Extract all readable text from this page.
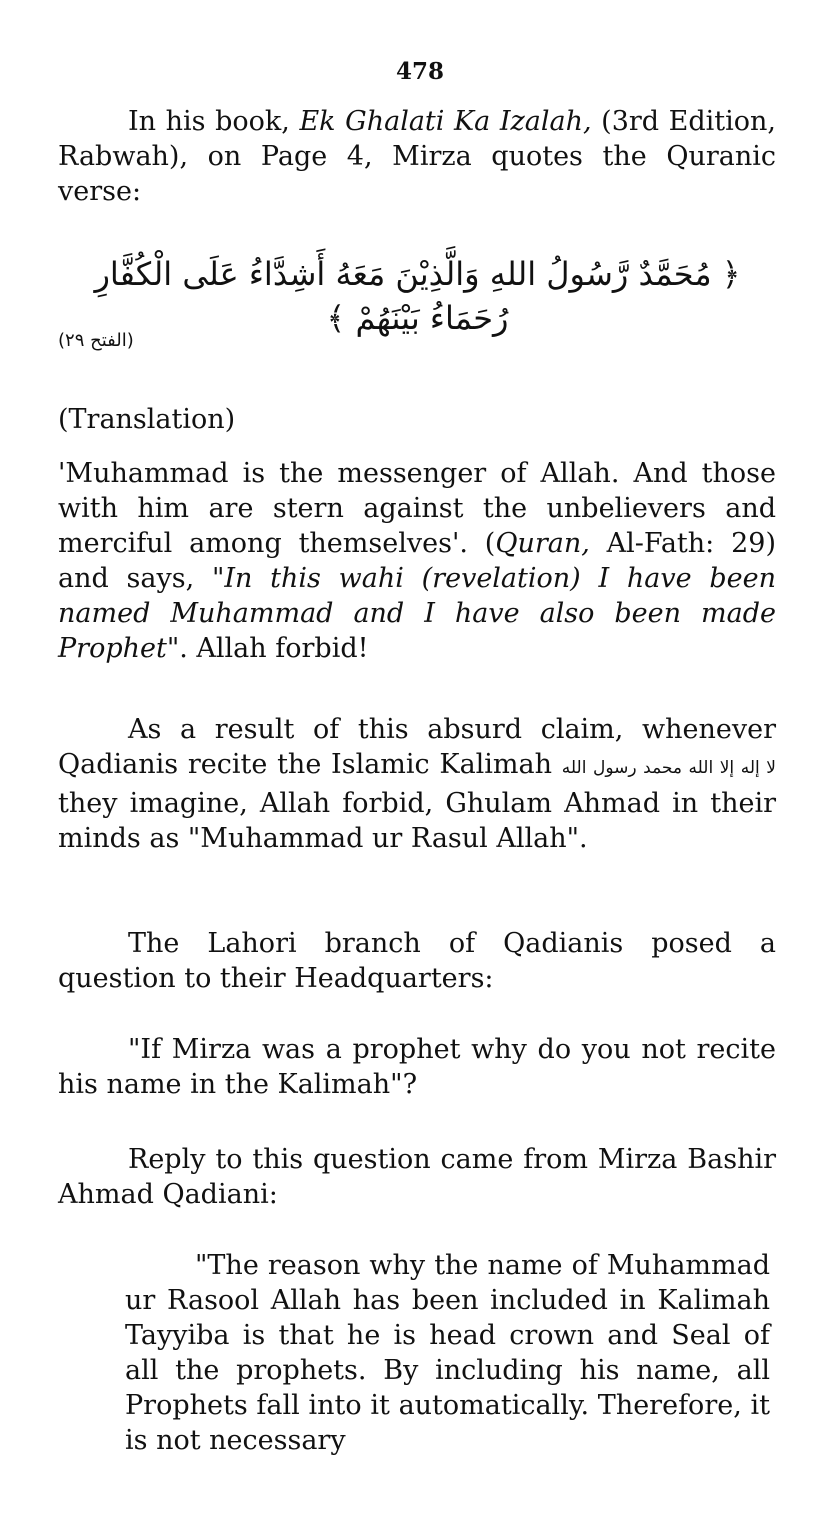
478

In his book, Ek Ghalati Ka Izalah, (3rd Edition, Rabwah), on Page 4, Mirza quotes the Quranic verse:

﴿ مُحَمَّدٌ رَّسُولُ اللهِ وَالَّذِيْنَ مَعَهُ أَشِدَّاءُ عَلَى الْكُفَّارِ رُحَمَاءُ بَيْنَهُمْ ﴾
(الفتح ٢٩)

(Translation)

'Muhammad is the messenger of Allah. And those with him are stern against the unbelievers and merciful among themselves'. (Quran, Al-Fath: 29) and says, "In this wahi (revelation) I have been named Muhammad and I have also been made Prophet". Allah forbid!

As a result of this absurd claim, whenever Qadianis recite the Islamic Kalimah لا إله إلا الله محمد رسول الله they imagine, Allah forbid, Ghulam Ahmad in their minds as "Muhammad ur Rasul Allah".

The Lahori branch of Qadianis posed a question to their Headquarters:

"If Mirza was a prophet why do you not recite his name in the Kalimah"?

Reply to this question came from Mirza Bashir Ahmad Qadiani:

"The reason why the name of Muhammad ur Rasool Allah has been included in Kalimah Tayyiba is that he is head crown and Seal of all the prophets. By including his name, all Prophets fall into it automatically. Therefore, it is not necessary
